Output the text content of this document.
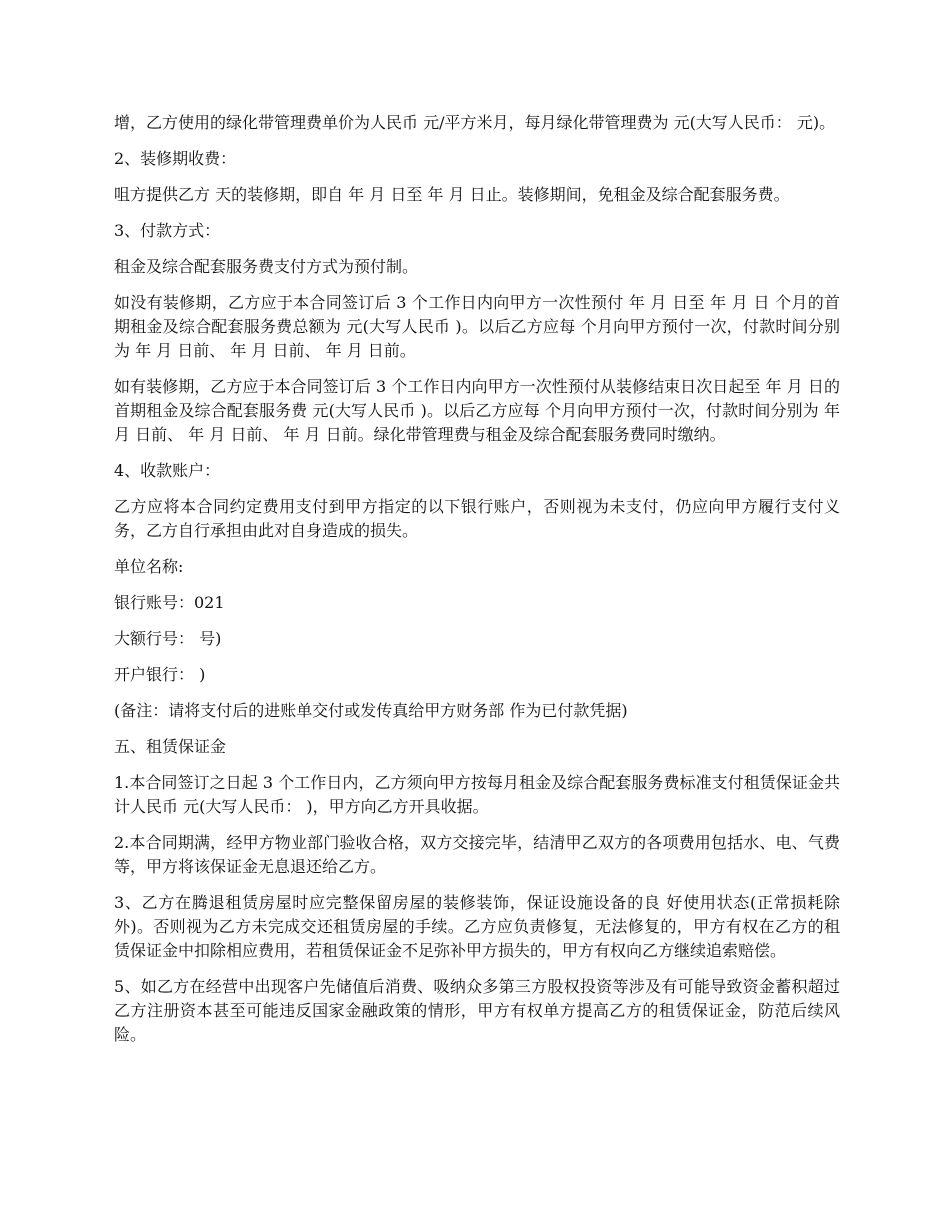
增，乙方使用的绿化带管理费单价为人民币 元/平方米月，每月绿化带管理费为 元(大写人民币： 元)。

2、装修期收费：

咀方提供乙方 天的装修期，即自 年 月 日至 年 月 日止。装修期间，免租金及综合配套服务费。

3、付款方式：

租金及综合配套服务费支付方式为预付制。

如没有装修期，乙方应于本合同签订后 3 个工作日内向甲方一次性预付 年 月 日至 年 月 日 个月的首期租金及综合配套服务费总额为 元(大写人民币 )。以后乙方应每 个月向甲方预付一次，付款时间分别为 年 月 日前、 年 月 日前、 年 月 日前。

如有装修期，乙方应于本合同签订后 3 个工作日内向甲方一次性预付从装修结束日次日起至 年 月 日的首期租金及综合配套服务费 元(大写人民币 )。以后乙方应每 个月向甲方预付一次，付款时间分别为 年 月 日前、 年 月 日前、 年 月 日前。绿化带管理费与租金及综合配套服务费同时缴纳。

4、收款账户：

乙方应将本合同约定费用支付到甲方指定的以下银行账户，否则视为未支付，仍应向甲方履行支付义务，乙方自行承担由此对自身造成的损失。

单位名称:

银行账号：021

大额行号： 号)

开户银行： )

(备注：请将支付后的进账单交付或发传真给甲方财务部 作为已付款凭据)

五、租赁保证金

1.本合同签订之日起 3 个工作日内，乙方须向甲方按每月租金及综合配套服务费标准支付租赁保证金共计人民币 元(大写人民币： )，甲方向乙方开具收据。

2.本合同期满，经甲方物业部门验收合格，双方交接完毕，结清甲乙双方的各项费用包括水、电、气费等，甲方将该保证金无息退还给乙方。

3、乙方在腾退租赁房屋时应完整保留房屋的装修装饰，保证设施设备的良 好使用状态(正常损耗除外)。否则视为乙方未完成交还租赁房屋的手续。乙方应负责修复，无法修复的，甲方有权在乙方的租赁保证金中扣除相应费用，若租赁保证金不足弥补甲方损失的，甲方有权向乙方继续追索赔偿。

5、如乙方在经营中出现客户先储值后消费、吸纳众多第三方股权投资等涉及有可能导致资金蓄积超过乙方注册资本甚至可能违反国家金融政策的情形，甲方有权单方提高乙方的租赁保证金，防范后续风险。
